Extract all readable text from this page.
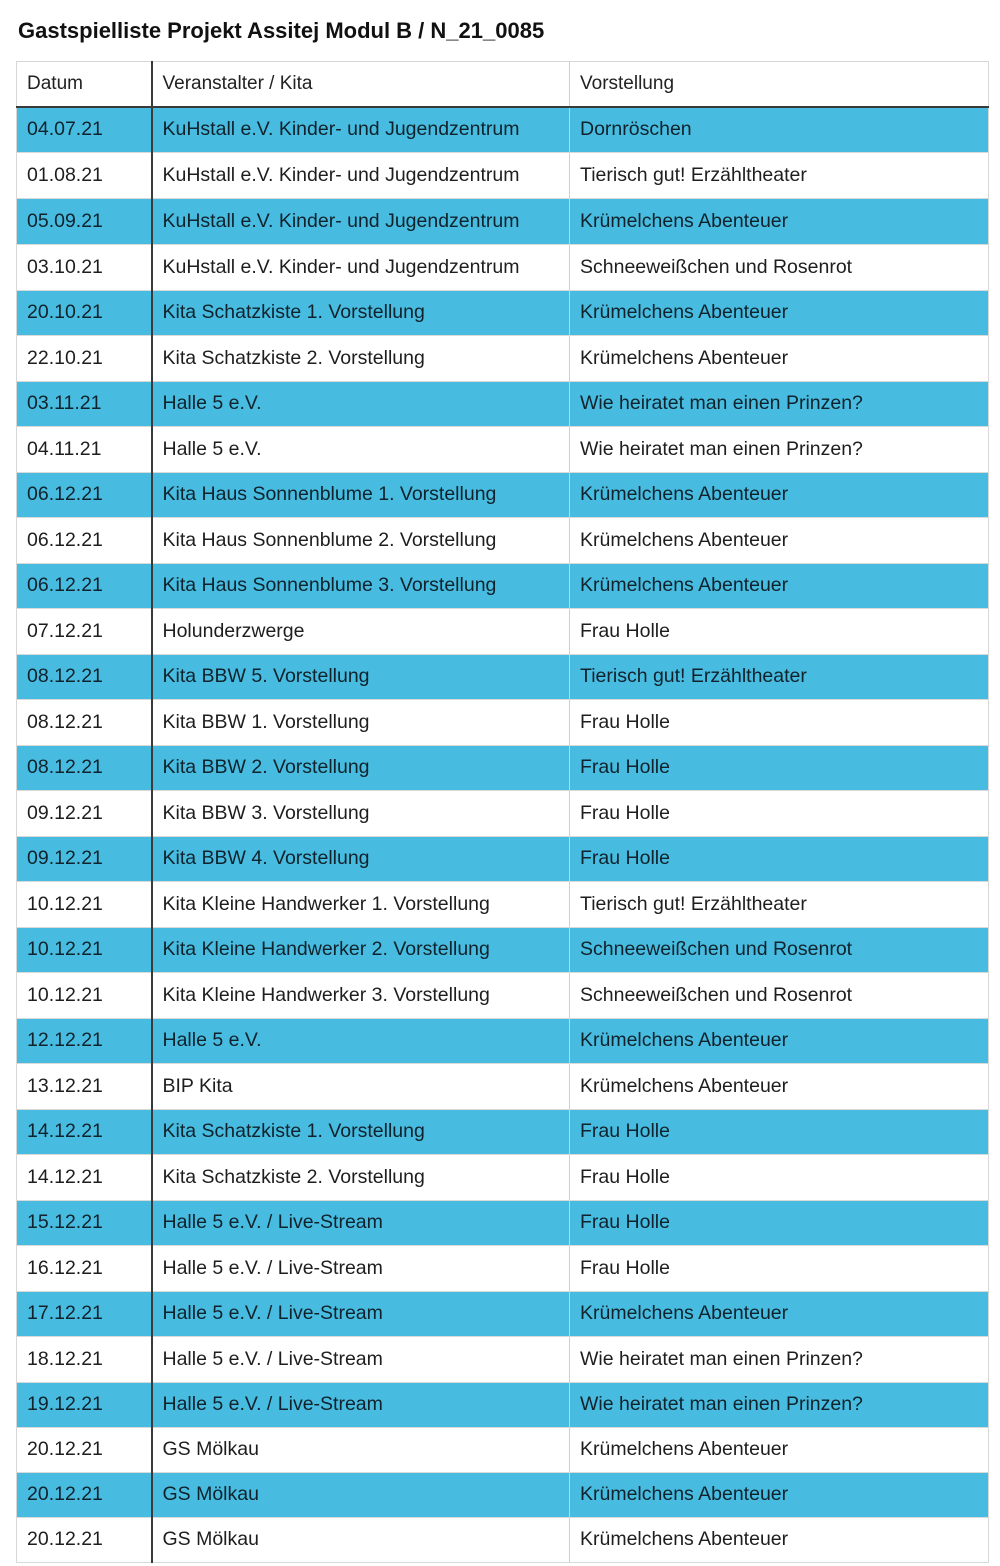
Gastspielliste Projekt Assitej Modul B / N_21_0085
Datum	Veranstalter / Kita	Vorstellung
04.07.21	KuHstall e.V. Kinder- und Jugendzentrum	Dornröschen
01.08.21	KuHstall e.V. Kinder- und Jugendzentrum	Tierisch gut! Erzähltheater
05.09.21	KuHstall e.V. Kinder- und Jugendzentrum	Krümelchens Abenteuer
03.10.21	KuHstall e.V. Kinder- und Jugendzentrum	Schneeweißchen und Rosenrot
20.10.21	Kita Schatzkiste 1. Vorstellung	Krümelchens Abenteuer
22.10.21	Kita Schatzkiste 2. Vorstellung	Krümelchens Abenteuer
03.11.21	Halle 5 e.V.	Wie heiratet man einen Prinzen?
04.11.21	Halle 5 e.V.	Wie heiratet man einen Prinzen?
06.12.21	Kita Haus Sonnenblume 1. Vorstellung	Krümelchens Abenteuer
06.12.21	Kita Haus Sonnenblume 2. Vorstellung	Krümelchens Abenteuer
06.12.21	Kita Haus Sonnenblume 3. Vorstellung	Krümelchens Abenteuer
07.12.21	Holunderzwerge	Frau Holle
08.12.21	Kita BBW 5. Vorstellung	Tierisch gut! Erzähltheater
08.12.21	Kita BBW 1. Vorstellung	Frau Holle
08.12.21	Kita BBW 2. Vorstellung	Frau Holle
09.12.21	Kita BBW 3. Vorstellung	Frau Holle
09.12.21	Kita BBW 4. Vorstellung	Frau Holle
10.12.21	Kita Kleine Handwerker 1. Vorstellung	Tierisch gut! Erzähltheater
10.12.21	Kita Kleine Handwerker 2. Vorstellung	Schneeweißchen und Rosenrot
10.12.21	Kita Kleine Handwerker 3. Vorstellung	Schneeweißchen und Rosenrot
12.12.21	Halle 5 e.V.	Krümelchens Abenteuer
13.12.21	BIP Kita	Krümelchens Abenteuer
14.12.21	Kita Schatzkiste 1. Vorstellung	Frau Holle
14.12.21	Kita Schatzkiste 2. Vorstellung	Frau Holle
15.12.21	Halle 5 e.V. / Live-Stream	Frau Holle
16.12.21	Halle 5 e.V. / Live-Stream	Frau Holle
17.12.21	Halle 5 e.V. / Live-Stream	Krümelchens Abenteuer
18.12.21	Halle 5 e.V. / Live-Stream	Wie heiratet man einen Prinzen?
19.12.21	Halle 5 e.V. / Live-Stream	Wie heiratet man einen Prinzen?
20.12.21	GS Mölkau	Krümelchens Abenteuer
20.12.21	GS Mölkau	Krümelchens Abenteuer
20.12.21	GS Mölkau	Krümelchens Abenteuer
